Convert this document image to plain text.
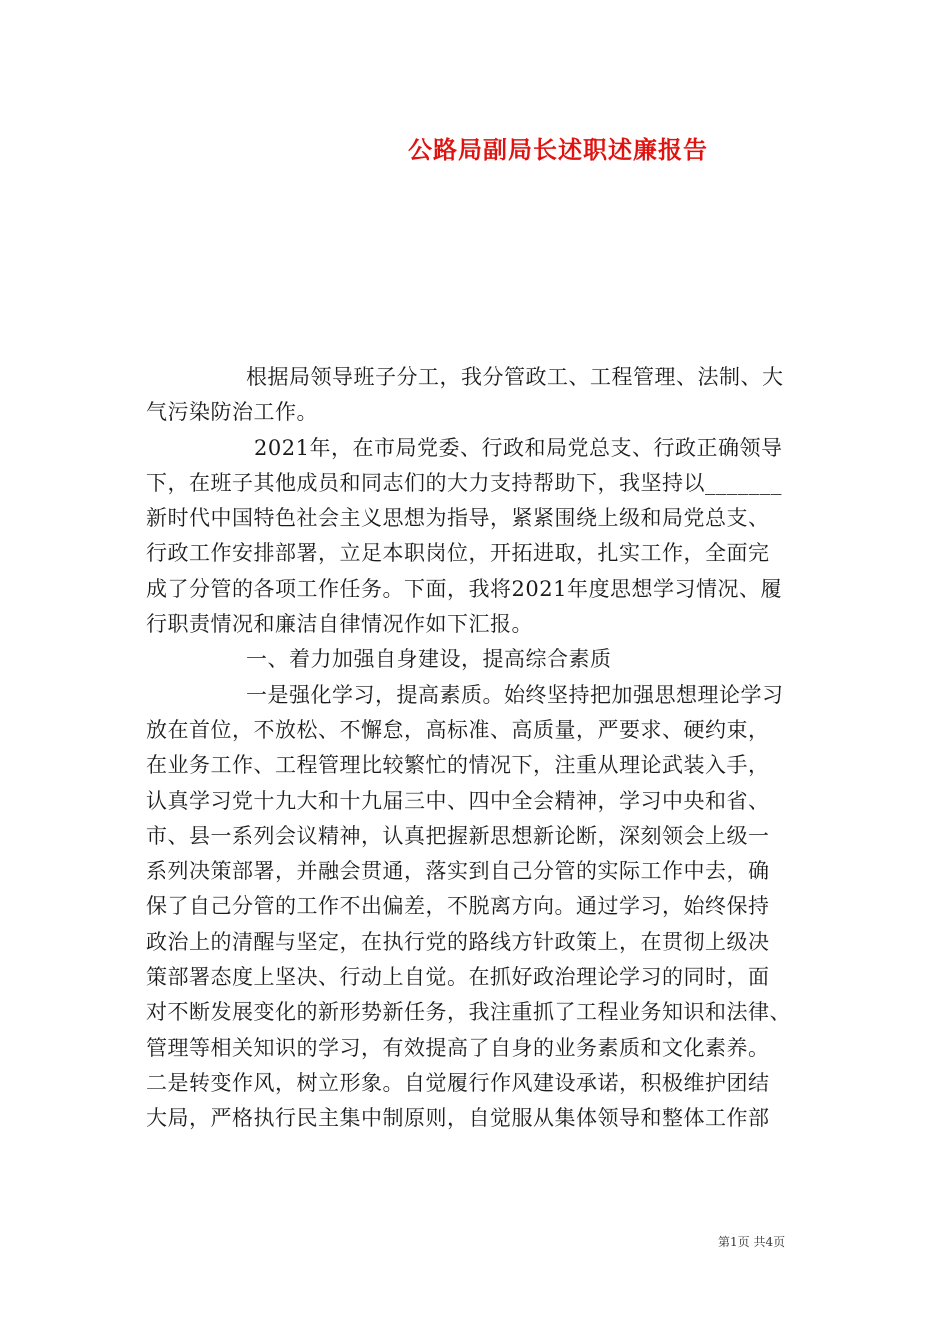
公路局副局长述职述廉报告
根据局领导班子分工，我分管政工、工程管理、法制、大
气污染防治工作。
2021年，在市局党委、行政和局党总支、行政正确领导
下，在班子其他成员和同志们的大力支持帮助下，我坚持以_______
新时代中国特色社会主义思想为指导，紧紧围绕上级和局党总支、
行政工作安排部署，立足本职岗位，开拓进取，扎实工作，全面完
成了分管的各项工作任务。下面，我将2021年度思想学习情况、履
行职责情况和廉洁自律情况作如下汇报。
一、着力加强自身建设，提高综合素质
一是强化学习，提高素质。始终坚持把加强思想理论学习
放在首位，不放松、不懈怠，高标准、高质量，严要求、硬约束，
在业务工作、工程管理比较繁忙的情况下，注重从理论武装入手，
认真学习党十九大和十九届三中、四中全会精神，学习中央和省、
市、县一系列会议精神，认真把握新思想新论断，深刻领会上级一
系列决策部署，并融会贯通，落实到自己分管的实际工作中去，确
保了自己分管的工作不出偏差，不脱离方向。通过学习，始终保持
政治上的清醒与坚定，在执行党的路线方针政策上，在贯彻上级决
策部署态度上坚决、行动上自觉。在抓好政治理论学习的同时，面
对不断发展变化的新形势新任务，我注重抓了工程业务知识和法律、
管理等相关知识的学习，有效提高了自身的业务素质和文化素养。
二是转变作风，树立形象。自觉履行作风建设承诺，积极维护团结
大局，严格执行民主集中制原则，自觉服从集体领导和整体工作部
第1页 共4页
